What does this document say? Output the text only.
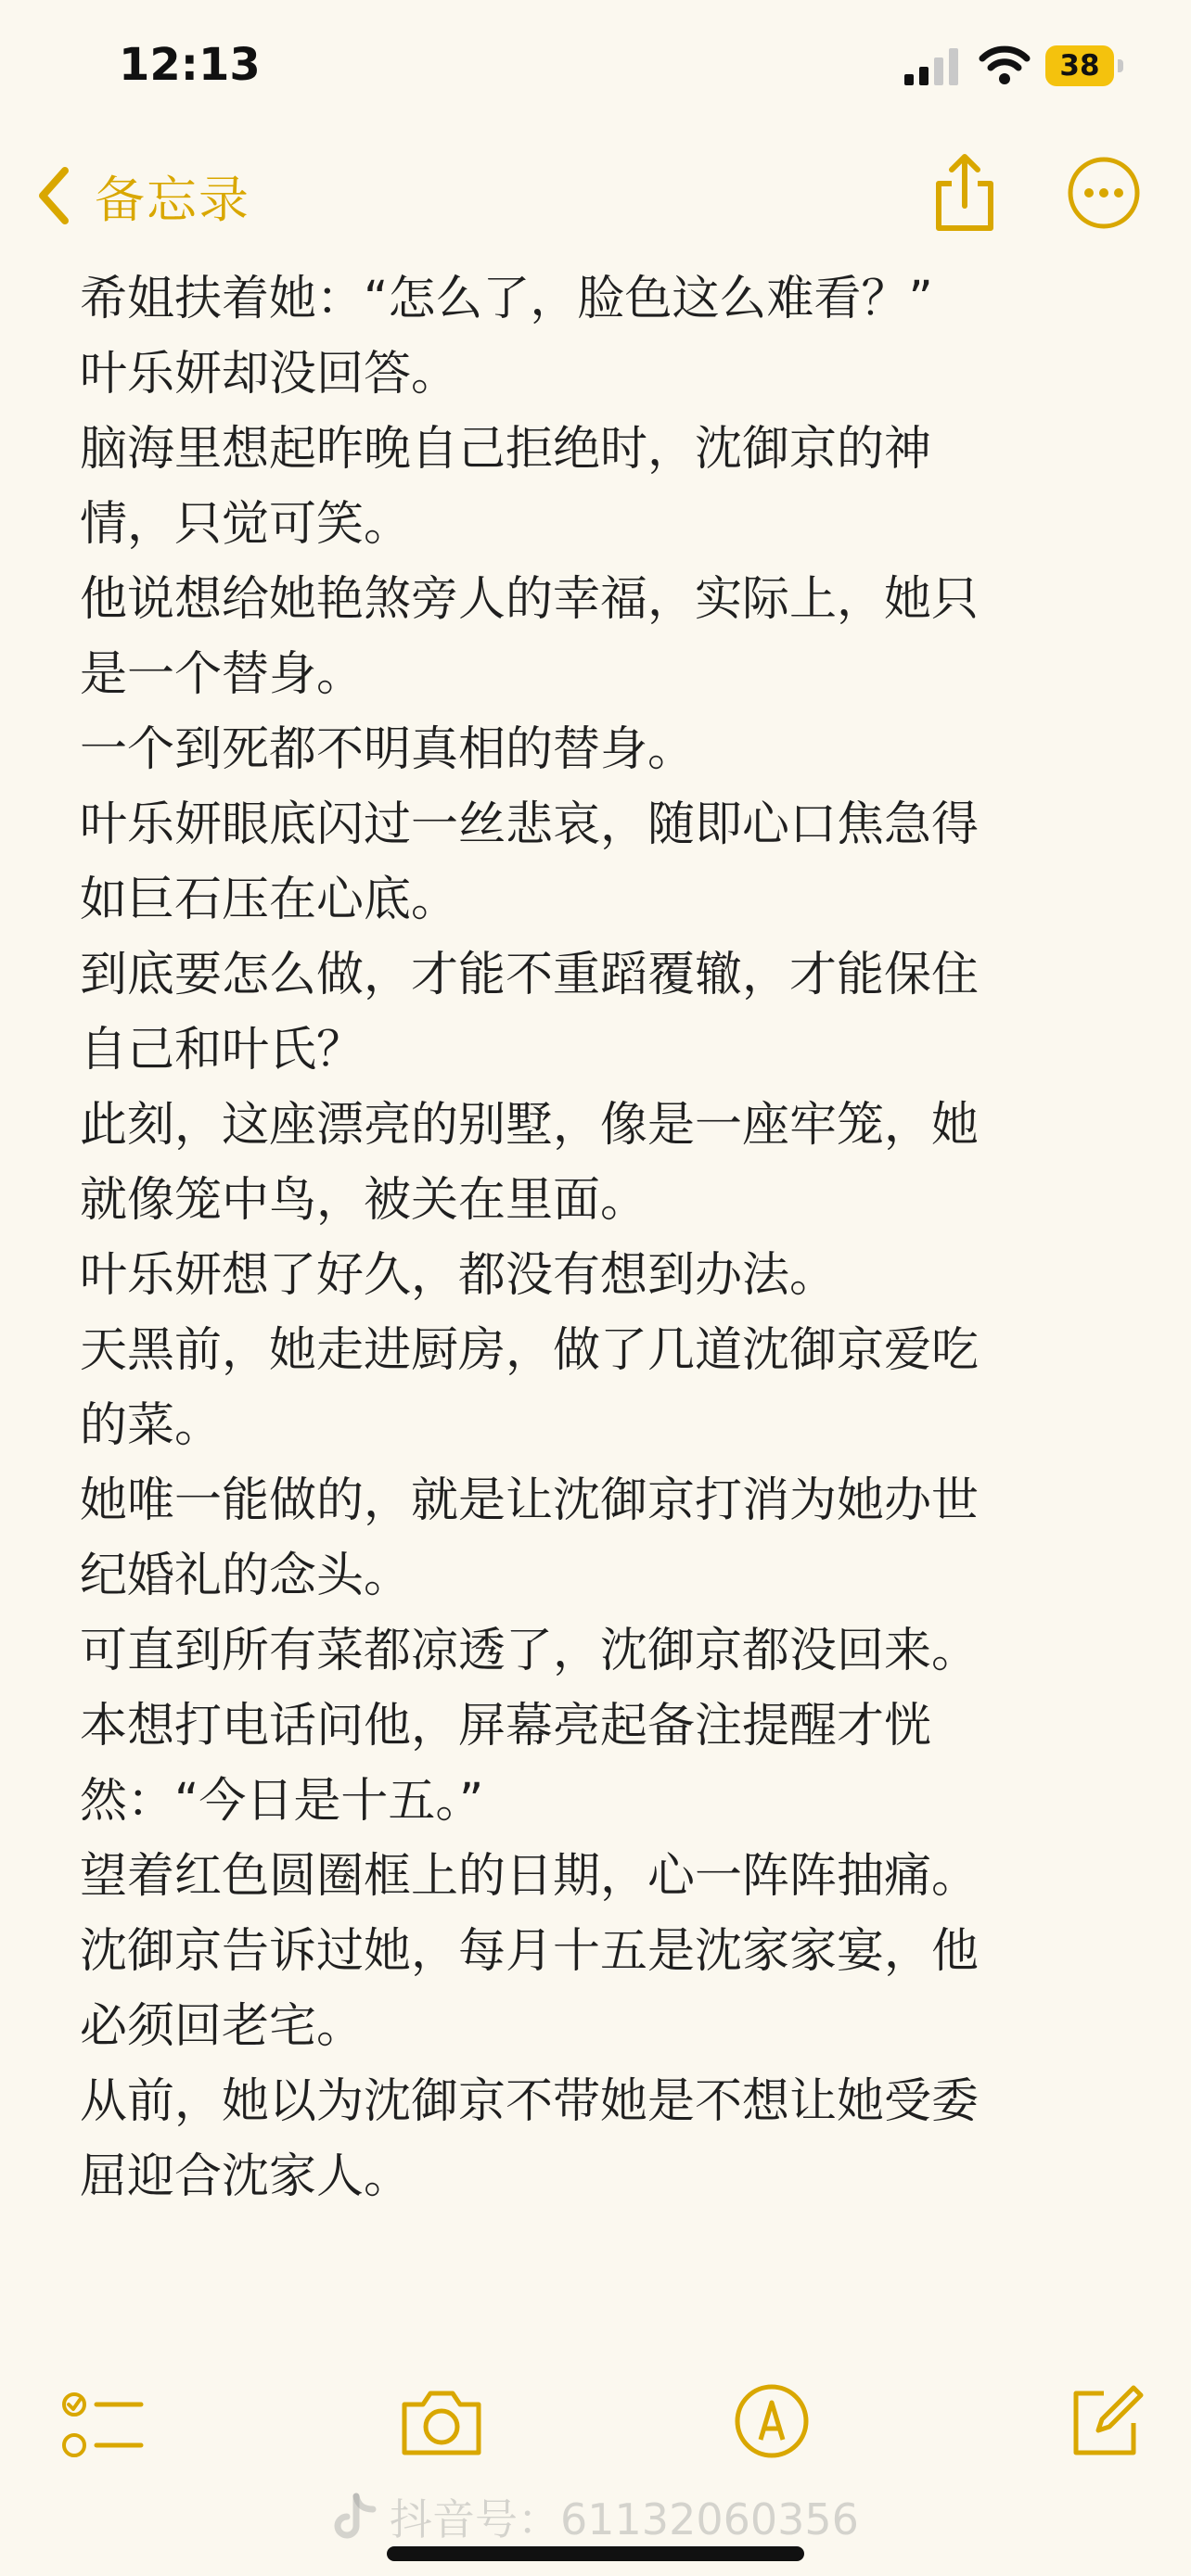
12:13	38
备忘录
希姐扶着她：“怎么了，脸色这么难看？”
叶乐妍却没回答。
脑海里想起昨晚自己拒绝时，沈御京的神
情，只觉可笑。
他说想给她艳煞旁人的幸福，实际上，她只
是一个替身。
一个到死都不明真相的替身。
叶乐妍眼底闪过一丝悲哀，随即心口焦急得
如巨石压在心底。
到底要怎么做，才能不重蹈覆辙，才能保住
自己和叶氏？
此刻，这座漂亮的别墅，像是一座牢笼，她
就像笼中鸟，被关在里面。
叶乐妍想了好久，都没有想到办法。
天黑前，她走进厨房，做了几道沈御京爱吃
的菜。
她唯一能做的，就是让沈御京打消为她办世
纪婚礼的念头。
可直到所有菜都凉透了，沈御京都没回来。
本想打电话问他，屏幕亮起备注提醒才恍
然：“今日是十五。”
望着红色圆圈框上的日期，心一阵阵抽痛。
沈御京告诉过她，每月十五是沈家家宴，他
必须回老宅。
从前，她以为沈御京不带她是不想让她受委
屈迎合沈家人。
抖音号：61132060356
